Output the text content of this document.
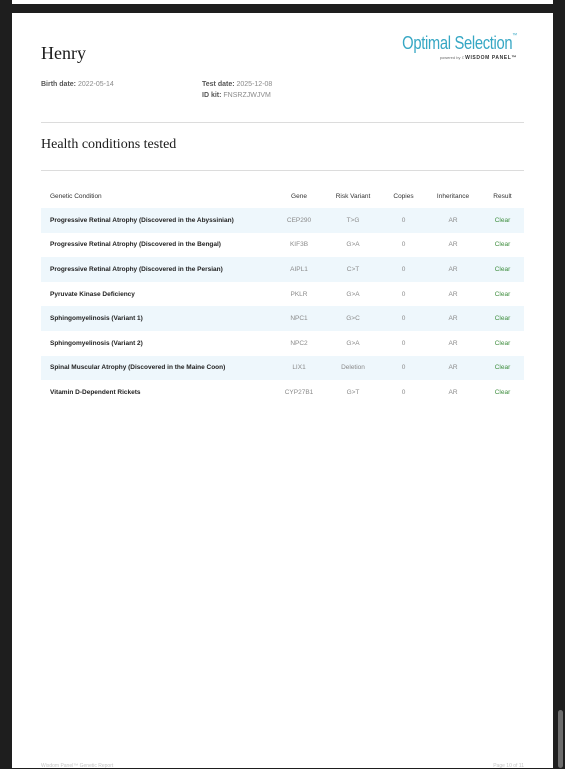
Henry	Optimal Selection™
powered by ℰ WISDOM PANEL™
Birth date: 2022-05-14	Test date: 2025-12-08
ID kit: FNSRZJWJVM
Health conditions tested
Genetic Condition	Gene	Risk Variant	Copies	Inheritance	Result
Progressive Retinal Atrophy (Discovered in the Abyssinian)	CEP290	T>G	0	AR	Clear
Progressive Retinal Atrophy (Discovered in the Bengal)	KIF3B	G>A	0	AR	Clear
Progressive Retinal Atrophy (Discovered in the Persian)	AIPL1	C>T	0	AR	Clear
Pyruvate Kinase Deficiency	PKLR	G>A	0	AR	Clear
Sphingomyelinosis (Variant 1)	NPC1	G>C	0	AR	Clear
Sphingomyelinosis (Variant 2)	NPC2	G>A	0	AR	Clear
Spinal Muscular Atrophy (Discovered in the Maine Coon)	LIX1	Deletion	0	AR	Clear
Vitamin D-Dependent Rickets	CYP27B1	G>T	0	AR	Clear
Wisdom Panel™ Genetic Report	Page 10 of 11
